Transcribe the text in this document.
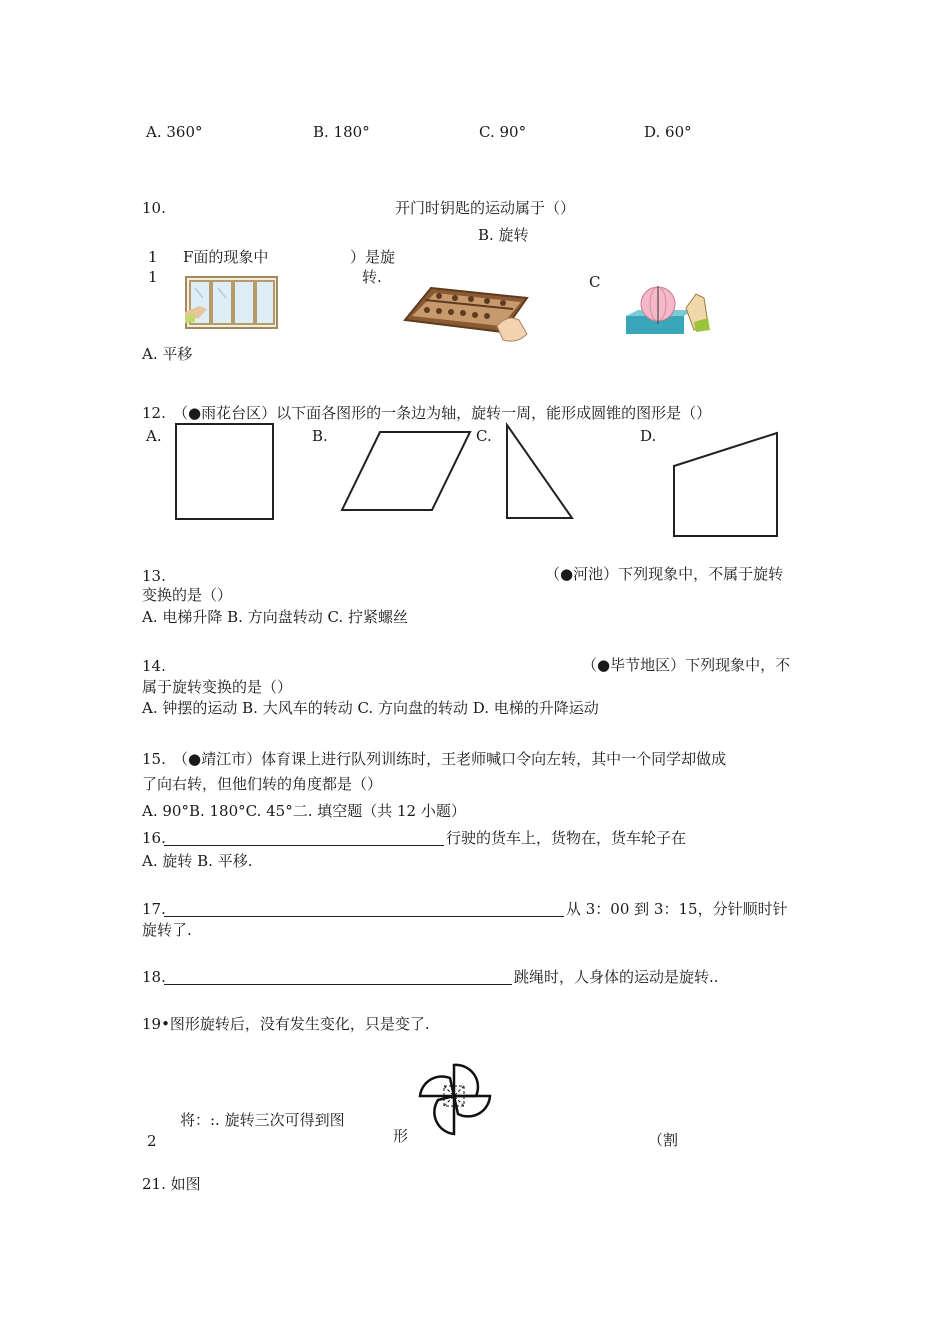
A. 360°	B. 180°	C. 90°	D. 60°
10.	开门时钥匙的运动属于（）
B. 旋转
1 F面的现象中	）是旋
1	转.	C
A. 平移
12. （●雨花台区）以下面各图形的一条边为轴，旋转一周，能形成圆锥的图形是（）
A.	B.	C.	D.
13.	（●河池）下列现象中，不属于旋转
变换的是（）
A. 电梯升降 B. 方向盘转动 C. 拧紧螺丝
14.	（●毕节地区）下列现象中，不
属于旋转变换的是（）
A. 钟摆的运动 B. 大风车的转动 C. 方向盘的转动 D. 电梯的升降运动
15. （●靖江市）体育课上进行队列训练时，王老师喊口令向左转，其中一个同学却做成
了向右转，但他们转的角度都是（）
A. 90°B. 180°C. 45°二. 填空题（共 12 小题）
16.	行驶的货车上，货物在，货车轮子在
A. 旋转 B. 平移.
17.	从 3：00 到 3：15，分针顺时针
旋转了.
18.	跳绳时，人身体的运动是旋转..
19•图形旋转后，没有发生变化，只是变了.
将：:. 旋转三次可得到图
2	形	（割
21. 如图
